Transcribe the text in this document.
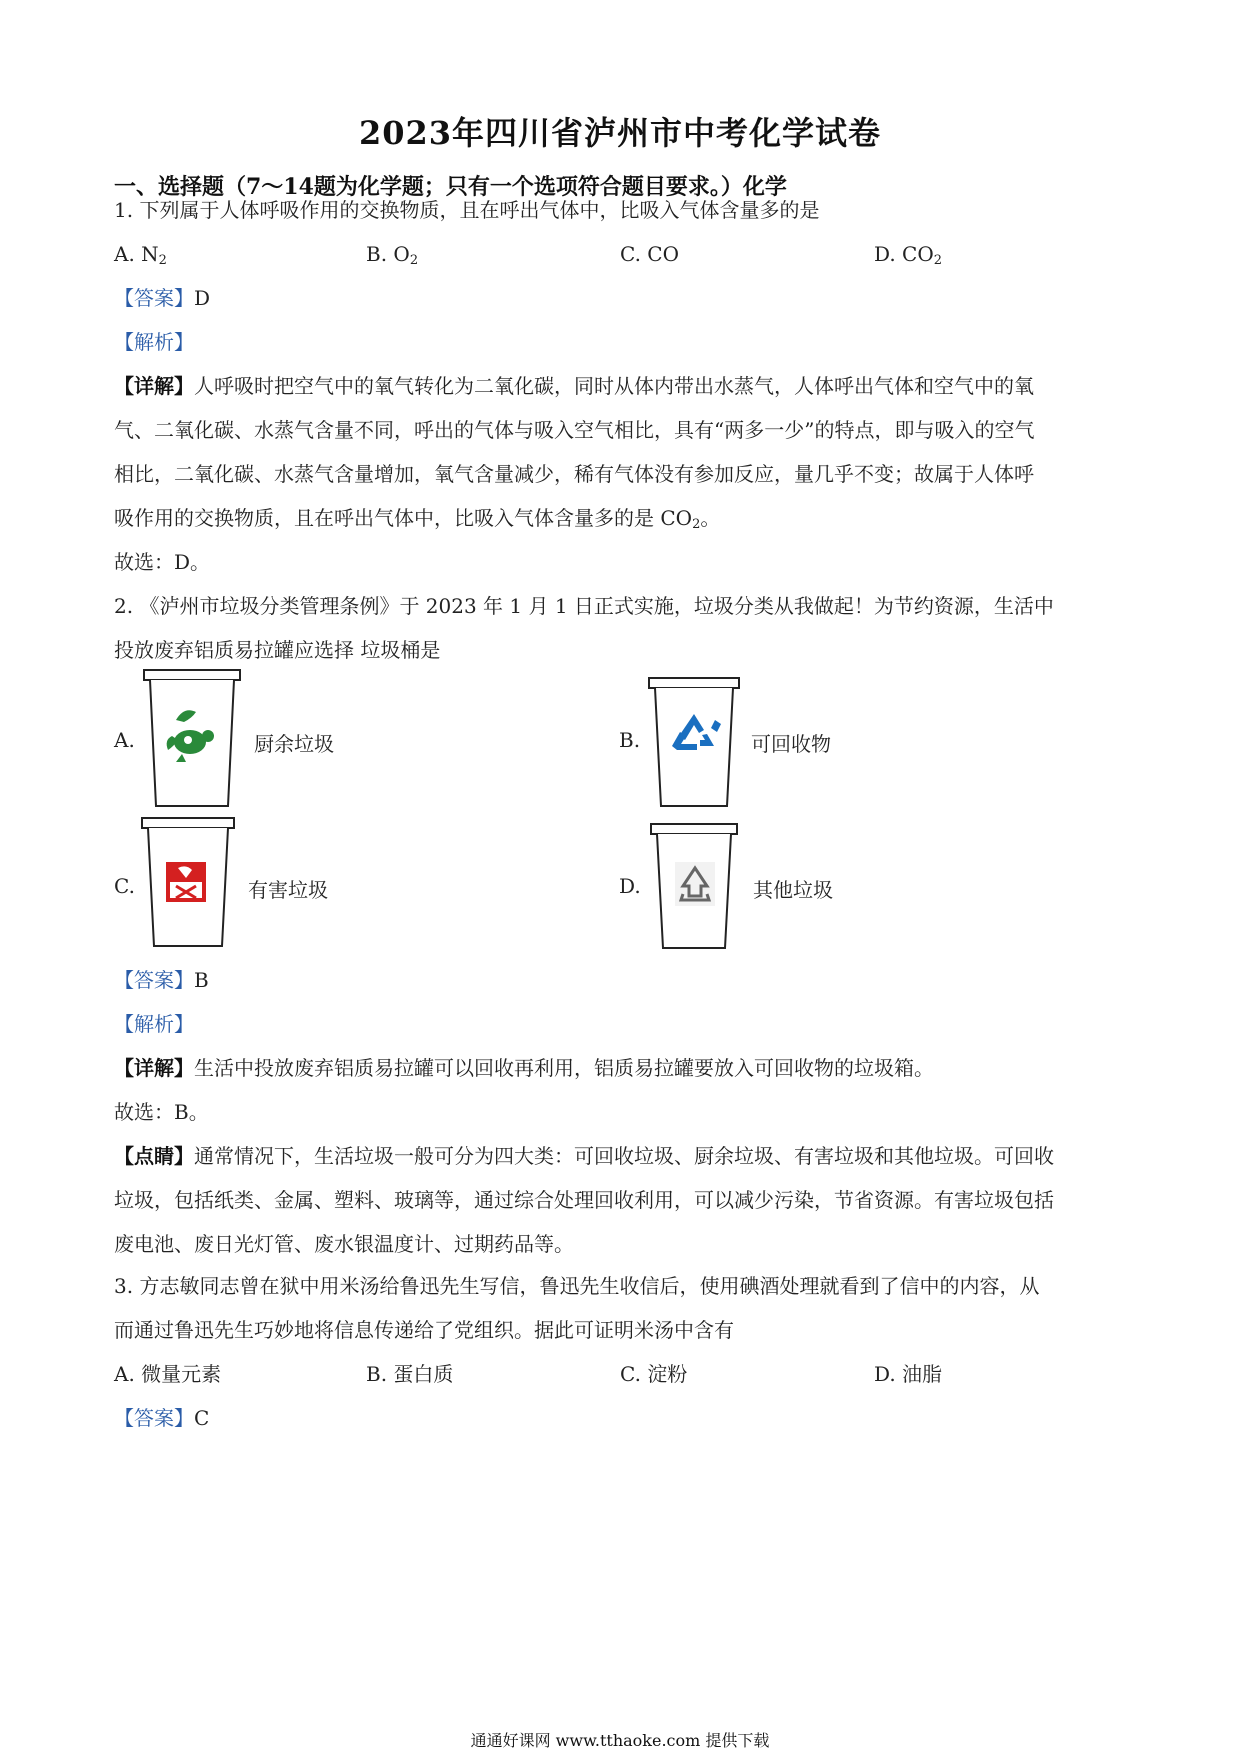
2023年四川省泸州市中考化学试卷
一、选择题（7～14题为化学题；只有一个选项符合题目要求。）化学
1. 下列属于人体呼吸作用的交换物质，且在呼出气体中，比吸入气体含量多的是
A. $N_2$	B. $O_2$	C. CO	D. $CO_2$
【答案】D
【解析】
【详解】人呼吸时把空气中的氧气转化为二氧化碳，同时从体内带出水蒸气，人体呼出气体和空气中的氧
气、二氧化碳、水蒸气含量不同，呼出的气体与吸入空气相比，具有“两多一少”的特点，即与吸入的空气
相比，二氧化碳、水蒸气含量增加，氧气含量减少，稀有气体没有参加反应，量几乎不变；故属于人体呼
吸作用的交换物质，且在呼出气体中，比吸入气体含量多的是 $CO_2$。
故选：D。
2. 《泸州市垃圾分类管理条例》于 2023 年 1 月 1 日正式实施，垃圾分类从我做起！为节约资源，生活中
投放废弃铝质易拉罐应选择 垃圾桶是
A.	厨余垃圾	B.	可回收物
C.	有害垃圾	D.	其他垃圾
【答案】B
【解析】
【详解】生活中投放废弃铝质易拉罐可以回收再利用，铝质易拉罐要放入可回收物的垃圾箱。
故选：B。
【点睛】通常情况下，生活垃圾一般可分为四大类：可回收垃圾、厨余垃圾、有害垃圾和其他垃圾。可回收
垃圾，包括纸类、金属、塑料、玻璃等，通过综合处理回收利用，可以减少污染，节省资源。有害垃圾包括
废电池、废日光灯管、废水银温度计、过期药品等。
3. 方志敏同志曾在狱中用米汤给鲁迅先生写信，鲁迅先生收信后，使用碘酒处理就看到了信中的内容，从
而通过鲁迅先生巧妙地将信息传递给了党组织。据此可证明米汤中含有
A. 微量元素	B. 蛋白质	C. 淀粉	D. 油脂
【答案】C
通通好课网 www.tthaoke.com 提供下载
